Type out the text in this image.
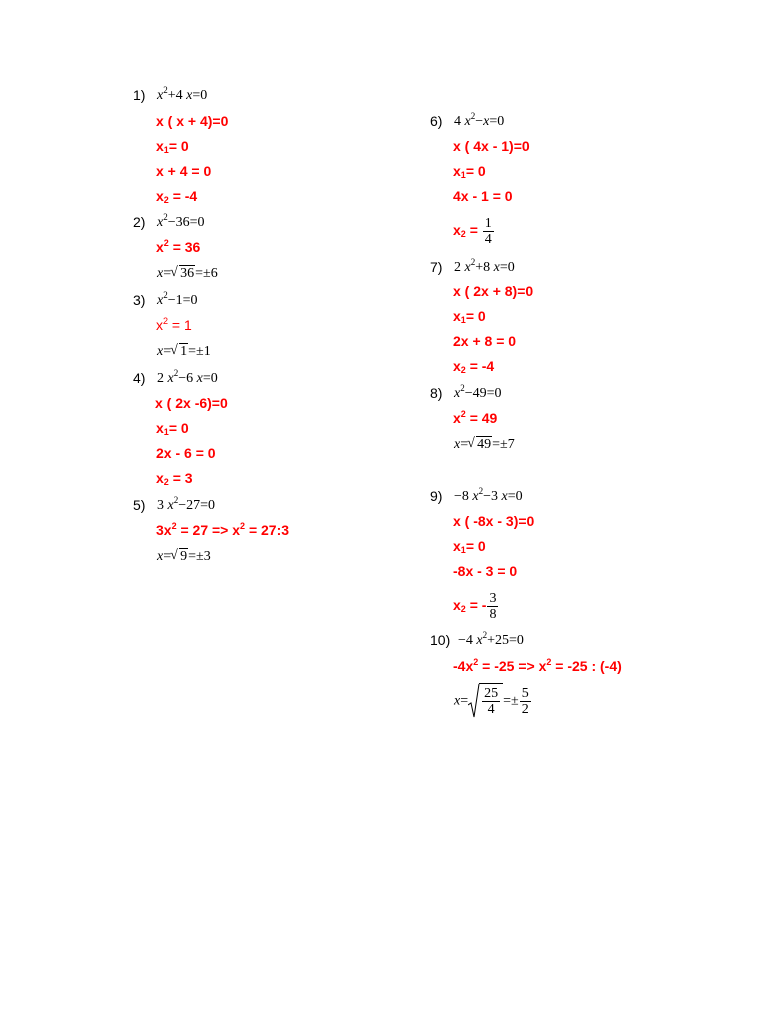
1) $x^2+4$ x=0
x ( x + 4)=0
$x_1= 0$
x + 4 = 0
$x_2 = -4$
2) $x^2-36=0$
$x^2 = 36$
x= √ 36=±6
3) $x^2-1=0$
$x^2 = 1$
x= √ 1=±1
4) 2 $x^2-6$ x=0
x ( 2x -6)=0
$x_1= 0$
2x - 6 = 0
$x_2 = 3$
5) 3 $x^2-27=0$
$3x^2 = 27 => x^2$ = 27:3
x= √ 9=±3
6) 4 $x^2-x=0$
x ( 4x - 1)=0
$x_1= 0$
4x - 1 = 0
$x_2 = \frac{1}{4}$
7) 2 $x^2+8$ x=0
x ( 2x + 8)=0
$x_1= 0$
2x + 8 = 0
$x_2 = -4$
8) $x^2-49=0$
$x^2 = 49$
x= √ 49=±7
9) −8 $x^2-3$ x=0
x ( -8x - 3)=0
$x_1= 0$
-8x - 3 = 0
$x_2$ = - $\frac{3}{8}$
10) −4 $x^2+25=0$
$-4x^2 = -25 => x^2 = -25$ : (-4)
$x= \frac{25}{4} =\pm \frac{5}{2}$
